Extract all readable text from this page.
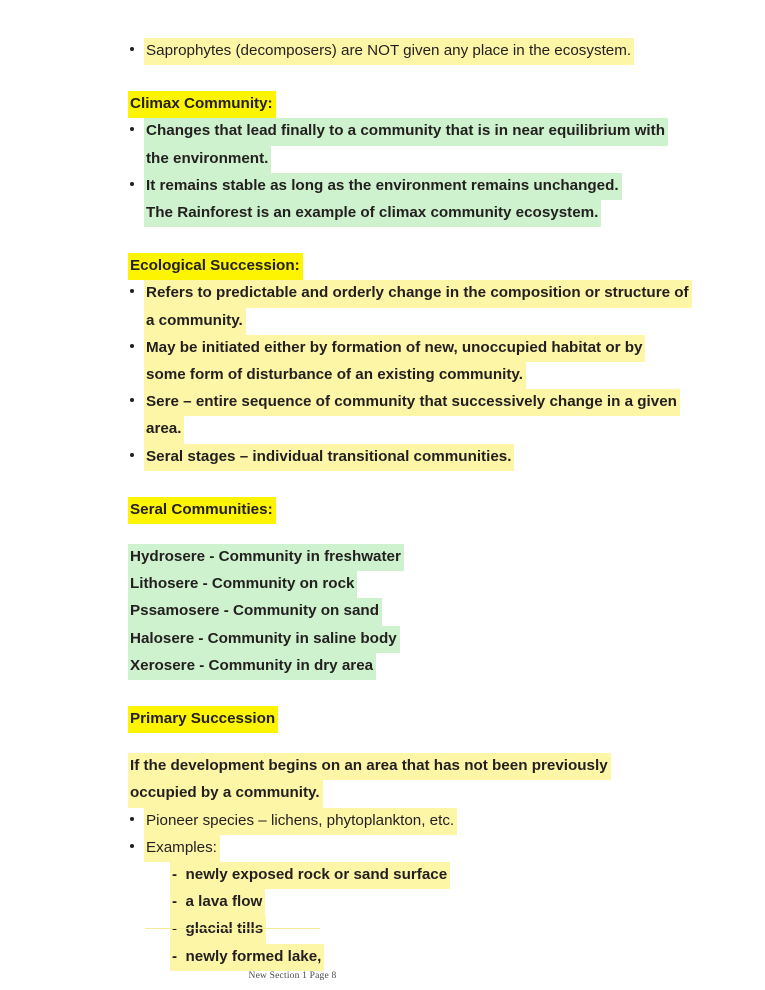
Saprophytes (decomposers) are NOT given any place in the ecosystem.
Climax Community:
Changes that lead finally to a community that is in near equilibrium with
the environment.
It remains stable as long as the environment remains unchanged.
The Rainforest is an example of climax community ecosystem.
Ecological Succession:
Refers to predictable and orderly change in the composition or structure of
a community.
May be initiated either by formation of new, unoccupied habitat or by
some form of disturbance of an existing community.
Sere – entire sequence of community that successively change in a given
area.
Seral stages – individual transitional communities.
Seral Communities:
Hydrosere - Community in freshwater
Lithosere - Community on rock
Pssamosere - Community on sand
Halosere - Community in saline body
Xerosere - Community in dry area
Primary Succession
If the development begins on an area that has not been previously
occupied by a community.
Pioneer species – lichens, phytoplankton, etc.
Examples:
-  newly exposed rock or sand surface
-  a lava flow
-  glacial tills
-  newly formed lake,
New Section 1 Page 8
